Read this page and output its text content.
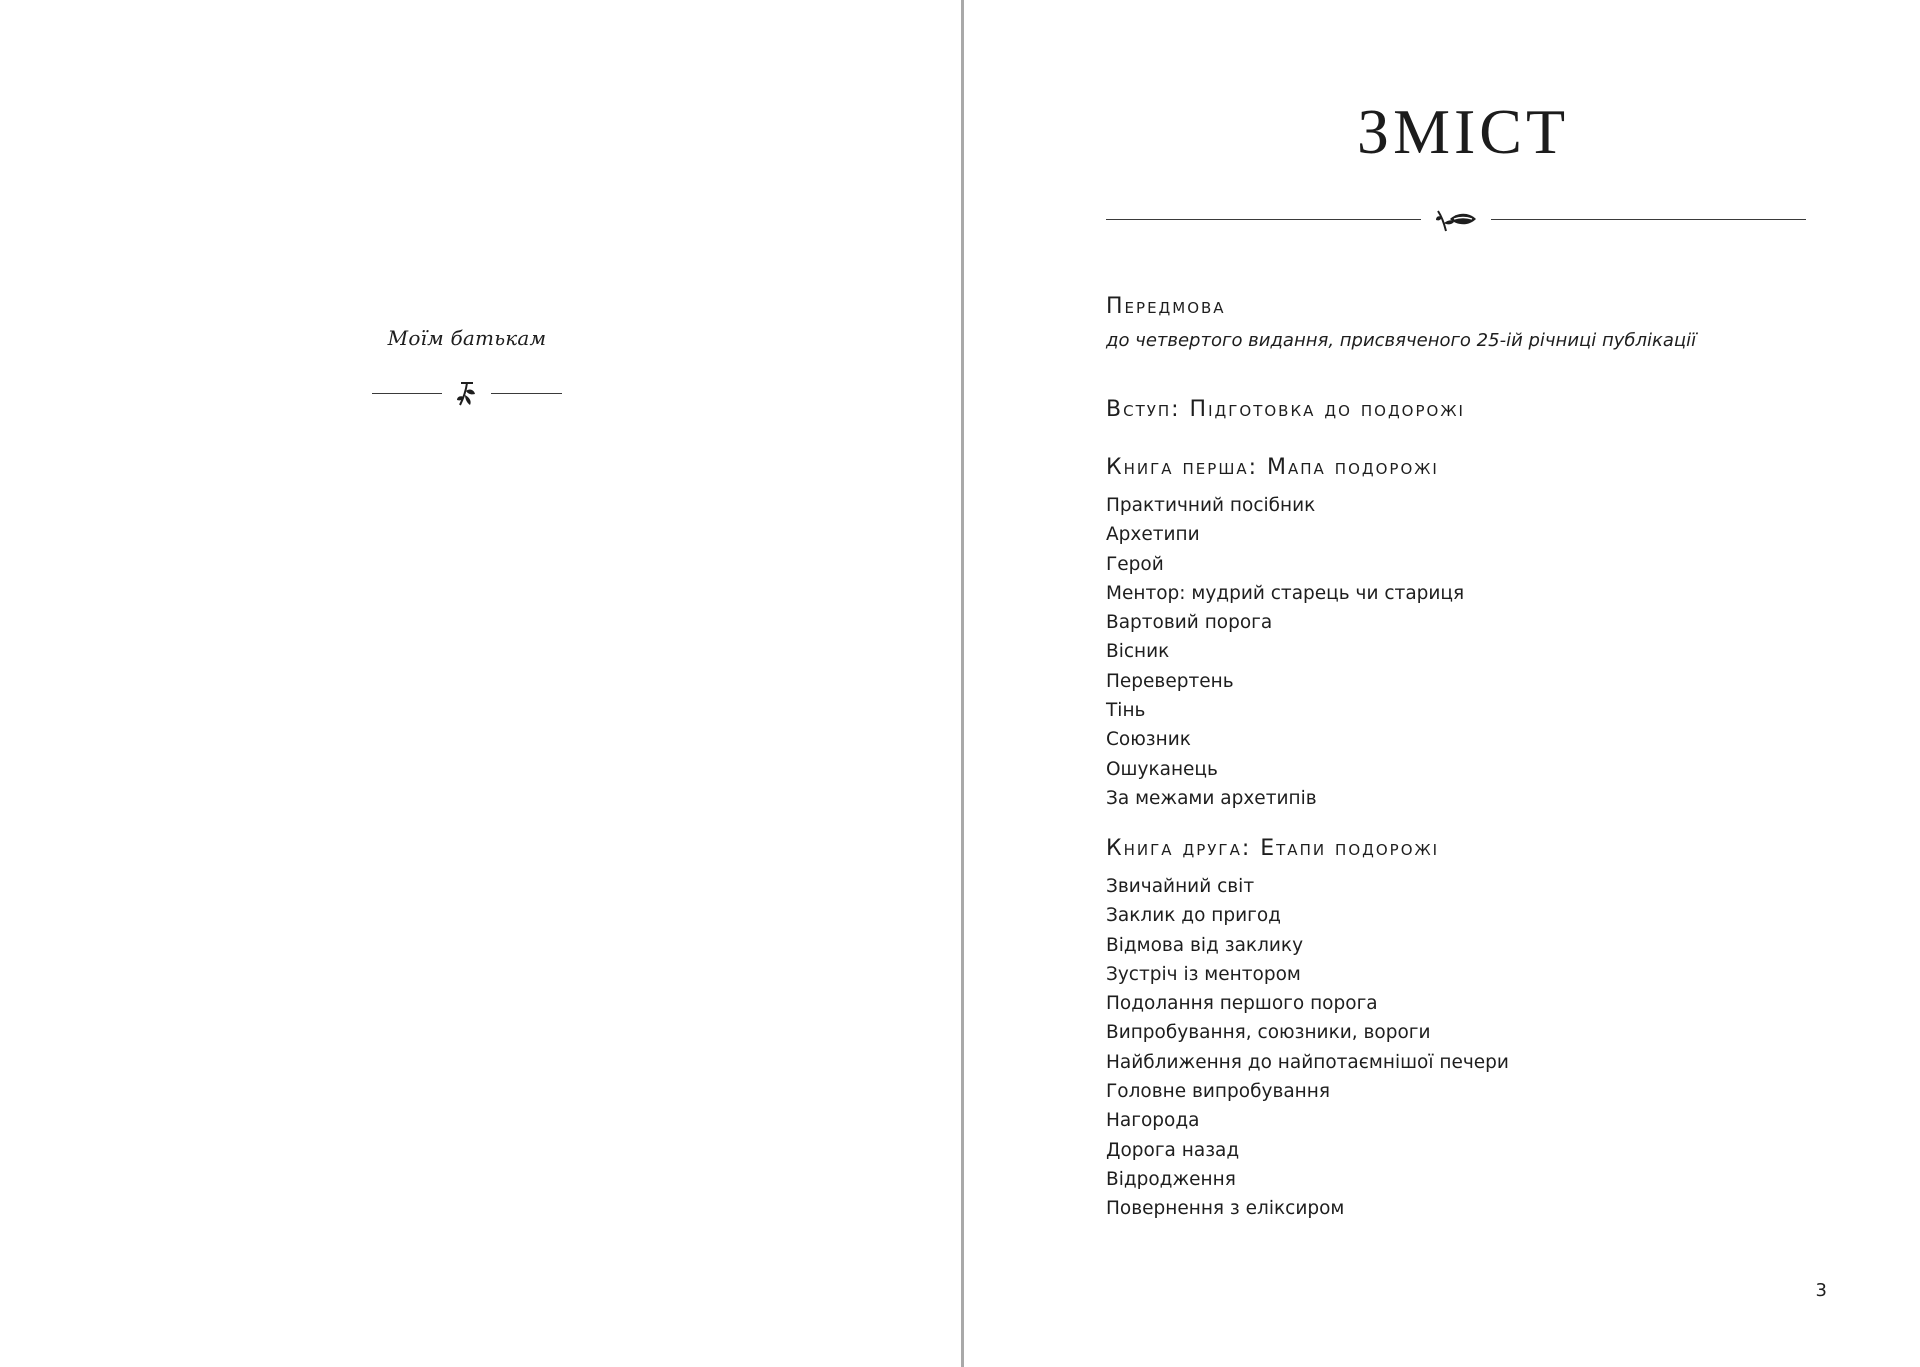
Моїм батькам
ЗМІСТ
Передмова
до четвертого видання, присвяченого 25-ій річниці публікації
Вступ: Підготовка до подорожі
Книга перша: Мапа подорожі
Практичний посібник
Архетипи
Герой
Ментор: мудрий старець чи стариця
Вартовий порога
Вісник
Перевертень
Тінь
Союзник
Ошуканець
За межами архетипів
Книга друга: Етапи подорожі
Звичайний світ
Заклик до пригод
Відмова від заклику
Зустріч із ментором
Подолання першого порога
Випробування, союзники, вороги
Найближення до найпотаємнішої печери
Головне випробування
Нагорода
Дорога назад
Відродження
Повернення з еліксиром
3
